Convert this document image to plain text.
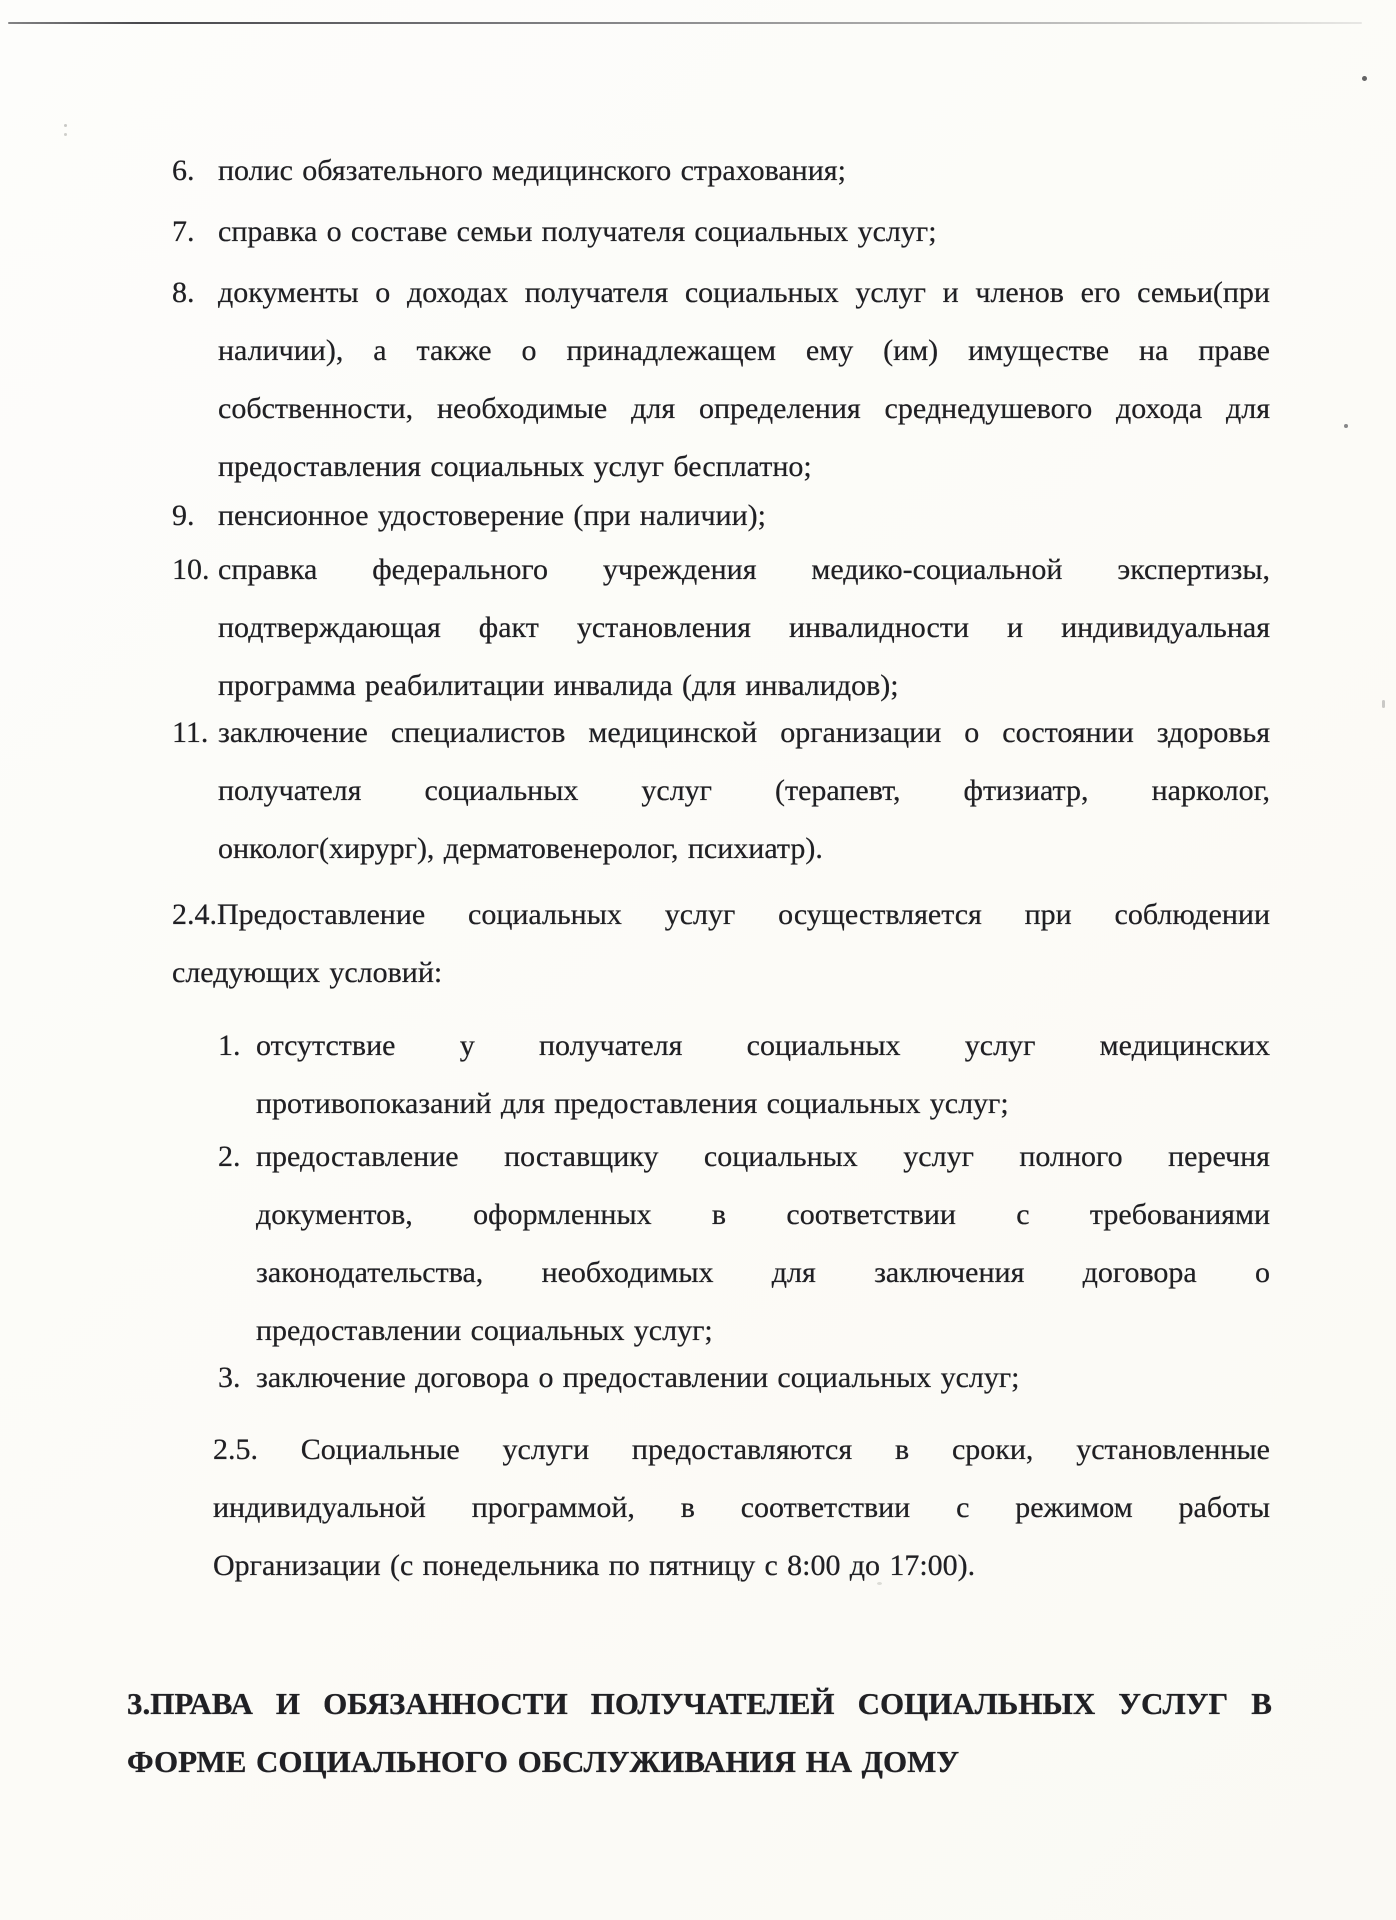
6. полис обязательного медицинского страхования;
7. справка о составе семьи получателя социальных услуг;
8. документы о доходах получателя социальных услуг и членов его семьи(при
наличии), а также о принадлежащем ему (им) имуществе на праве
собственности, необходимые для определения среднедушевого дохода для
предоставления социальных услуг бесплатно;
9. пенсионное удостоверение (при наличии);
10. справка федерального учреждения медико-социальной экспертизы,
подтверждающая факт установления инвалидности и индивидуальная
программа реабилитации инвалида (для инвалидов);
11. заключение специалистов медицинской организации о состоянии здоровья
получателя социальных услуг (терапевт, фтизиатр, нарколог,
онколог(хирург), дерматовенеролог, психиатр).
2.4.Предоставление социальных услуг осуществляется при соблюдении
следующих условий:
1. отсутствие у получателя социальных услуг медицинских
противопоказаний для предоставления социальных услуг;
2. предоставление поставщику социальных услуг полного перечня
документов, оформленных в соответствии с требованиями
законодательства, необходимых для заключения договора о
предоставлении социальных услуг;
3. заключение договора о предоставлении социальных услуг;
2.5. Социальные услуги предоставляются в сроки, установленные
индивидуальной программой, в соответствии с режимом работы
Организации (с понедельника по пятницу с 8:00 до 17:00).
3.ПРАВА И ОБЯЗАННОСТИ ПОЛУЧАТЕЛЕЙ СОЦИАЛЬНЫХ УСЛУГ В
ФОРМЕ СОЦИАЛЬНОГО ОБСЛУЖИВАНИЯ НА ДОМУ
